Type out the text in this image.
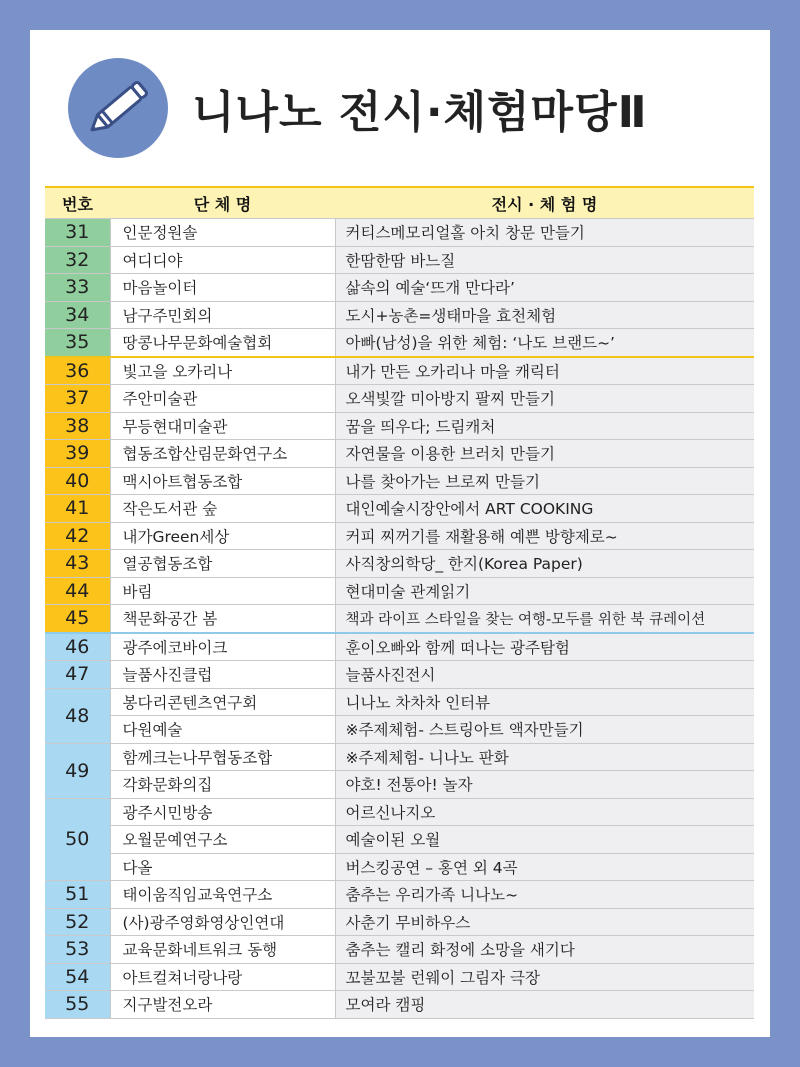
니나노 전시·체험마당Ⅱ
번호	단 체 명	전시 · 체 험 명
31	인문정원솔	커티스메모리얼홀 아치 창문 만들기
32	여디디야	한땀한땀 바느질
33	마음놀이터	삶속의 예술‘뜨개 만다라’
34	남구주민회의	도시+농촌=생태마을 효천체험
35	땅콩나무문화예술협회	아빠(남성)을 위한 체험: ‘나도 브랜드~’
36	빛고을 오카리나	내가 만든 오카리나 마을 캐릭터
37	주안미술관	오색빛깔 미아방지 팔찌 만들기
38	무등현대미술관	꿈을 띄우다; 드림캐처
39	협동조합산림문화연구소	자연물을 이용한 브러치 만들기
40	맥시아트협동조합	나를 찾아가는 브로찌 만들기
41	작은도서관 숲	대인예술시장안에서 ART COOKING
42	내가Green세상	커피 찌꺼기를 재활용해 예쁜 방향제로~
43	열공협동조합	사직창의학당_ 한지(Korea Paper)
44	바림	현대미술 관계읽기
45	책문화공간 봄	책과 라이프 스타일을 찾는 여행-모두를 위한 북 큐레이션
46	광주에코바이크	훈이오빠와 함께 떠나는 광주탐험
47	늘품사진클럽	늘품사진전시
48	봉다리콘텐츠연구회	니나노 차차차 인터뷰
	다원예술	※주제체험- 스트링아트 액자만들기
49	함께크는나무협동조합	※주제체험- 니나노 판화
	각화문화의집	야호! 전통아! 놀자
50	광주시민방송	어르신나지오
	오월문예연구소	예술이된 오월
	다올	버스킹공연 – 홍연 외 4곡
51	태이움직임교육연구소	춤추는 우리가족 니나노~
52	(사)광주영화영상인연대	사춘기 무비하우스
53	교육문화네트워크 동행	춤추는 캘리 화정에 소망을 새기다
54	아트컬쳐너랑나랑	꼬불꼬불 런웨이 그림자 극장
55	지구발전오라	모여라 캠핑
